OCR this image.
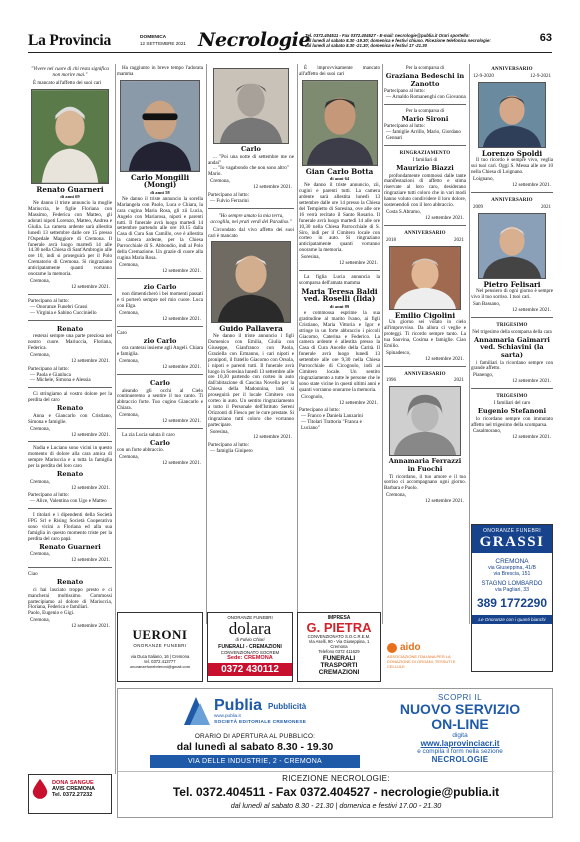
La Provincia	DOMENICA
12 SETTEMBRE 2021 Necrologie
Tel. 0372.404511 - Fax 0372.404527 - E-mail: necrologie@publia.it Orari sportello:
dal lunedì al sabato 8.30 -19.30; domenica e festivi chiuso. Ricezione telefonica necrologie:
dal lunedì al sabato 8.30 -21.30; domenica e festivi 17 -21.30
63
"Vivere nel cuore di chi resta significa non morire mai."

È mancato all'affetto dei suoi cari

Renato Guarneri
di anni 69

Ne danno il triste annuncio la moglie Mariuccia, le figlie Floriana con Massimo, Federica con Matteo, gli adorati nipoti Lorenzo, Matteo, Andrea e Giulia. La camera ardente sarà allestita lunedì 13 settembre dalle ore 15 presso l'Ospedale Maggiore di Cremona. Il funerale avrà luogo martedì 14 alle 14.30 nella Chiesa di Sant'Ambrogio alle ore 10, indi si proseguirà per il Polo Crematorio di Cremona. Si ringraziano anticipatamente quanti vorranno onorarne la memoria.

Cremona,
12 settembre 2021.
Partecipano al lutto:
— Onoranze Funebri Grassi
— Virginia e Sabino Cucciniello
Renato

resterai sempre una parte preziosa nel nostro cuore. Mariuccia, Floriana, Federica.

Cremona,
12 settembre 2021.
Partecipano al lutto:
— Paola e Gianluca
— Michele, Simona e Alessia

Ci stringiamo al vostro dolore per la perdita del caro

Renato

Anna e Giancarlo con Cristiano, Simona e famiglie.

Cremona,
12 settembre 2021.

Nadia e Luciano sono vicini in questo momento di dolore alla cara amica di sempre Mariuccia e a tutta la famiglia per la perdita del loro caro

Renato
Cremona,
12 settembre 2021.
Partecipano al lutto:
— Alice, Valentina con Ugo e Matteo

I titolari e i dipendenti della Società FPG Srl e Rising Società Cooperativa sono vicini a Floriana ed alla sua famiglia in questo momento triste per la perdita del caro papà

Renato Guarneri
Cremona,
12 settembre 2021.
Ciao
Renato

ci hai lasciato troppo presto e ci mancherai moltissimo. Commossi partecipiamo al dolore di Mariuccia, Floriana, Federica e familiari.

Paolo, Eugenio e Gigi.
Cremona,
12 settembre 2021.

Ha raggiunto in breve tempo l'adorata mamma

Carlo Mongilli (Mongi)
di anni 58

Ne danno il triste annuncio la sorella Mariangela con Paolo, Luca e Chiara, la cara cugina Maria Rosa, gli zii Lucia, Angelo con Mariarosa, nipoti e parenti tutti. Il funerale avrà luogo martedì 14 settembre partendo alle ore 10.15 dalla Casa di Cura San Camillo, ove è allestita la camera ardente, per la Chiesa Parrocchiale di S. Abbondio, indi al Polo della Cremazione. Un grazie di cuore alla cugina Maria Rosa.

Cremona,
12 settembre 2021.
zio Carlo

non dimenticherò i bei momenti passati e ti porterò sempre nel mio cuore. Luca con Elga.

Cremona,
12 settembre 2021.
Caro
zio Carlo

ora canterai insieme agli Angeli. Chiara e famiglia.

Cremona,
12 settembre 2021.
Carlo

aleando gli occhi al Cielo continueremo a sentire il tuo canto. Ti abbraccio forte. Tuo cugino Giancarlo e Chiara.

Cremona,
12 settembre 2021.

La zia Lucia saluta il caro

Carlo

con un forte abbraccio.

Cremona,
12 settembre 2021.
Carlo

... "Poi una notte di settembre me ne andai"

... "Io vagabondo che non sono altro"

Mario.
Cremona,
12 settembre 2021.
Partecipano al lutto:
— Fulvio Ferrarini
"Ho sempre amato la mia terra, accoglila, nei prati verdi del Paradiso."

Circondato dal vivo affetto dei suoi cari è mancato

Guido Pallavera

Ne danno il triste annuncio i figli Domenico con Emilia, Giulia con Giuseppe, Gianfranco con Paola, Graziella con Ermanno, i cari nipoti e pronipoti, il fratello Giacomo con Orsola, i nipoti e parenti tutti. Il funerale avrà luogo in Soresina lunedì 13 settembre alle ore 10,30 partendo con corteo in auto dall'abitazione di Cascina Novella per la Chiesa della Madonnina, indi si proseguirà per il locale Cimitero con corteo in auto. Un sentito ringraziamento a tutto il Personale dell'Istituto Sereni Orizzonti di Fiesco per le cure prestate. Si ringraziano tutti coloro che vorranno partecipare.

Soresina,
12 settembre 2021.
Partecipano al lutto:
— famiglia Ginipero

È improvvisamente mancato all'affetto dei suoi cari

Gian Carlo Botta
di anni 64

Ne danno il triste annuncio, zii, cugini e parenti tutti. La camera ardente sarà allestita lunedì 13 settembre dalle ore 14 presso la Chiesa del Tempietto di Soresina, ove alle ore 16 verrà recitato il Santo Rosario. Il funerale avrà luogo martedì 14 alle ore 10,30 nella Chiesa Parrocchiale di S. Siro, indi per il Cimitero locale con corteo in auto. Si ringraziano anticipatamente quanti vorranno onorarne la memoria.

Soresina,
12 settembre 2021.

La figlia Lucia annuncia la scomparsa dell'amata mamma

Maria Teresa Baldi ved. Roselli (Ilda)
di anni 89

e commossa esprime la sua gratitudine al marito Ivano, ai figli Cristiano, Maria Vittoria e Igor e stringe in un forte abbraccio i piccoli Giacomo, Caterina e Federico. La camera ardente è allestita presso la Casa di Cura Ancelle della Carità. Il funerale avrà luogo lunedì 13 settembre alle ore 9,30 nella Chiesa Parrocchiale di Cicognolo, indi al Cimitero locale. Un sentito ringraziamento a tutte le persone che le sono state vicine in questi ultimi anni e quanti vorranno onorarne la memoria.

Cicognolo,
12 settembre 2021.
Partecipano al lutto:
— Franco e Daniela Lanzarini
— Titolari Trattoria "Franca e Luciano"
Per la scomparsa di
Graziana Bedeschi in Zanotto
Partecipano al lutto:
— Arnaldo Romanenghi con Giovanna
Per la scomparsa di
Mario Sironi
Partecipano al lutto:
— famiglie Arrillo, Mario, Giordano Gennari
RINGRAZIAMENTO
I familiari di
Maurizio Biazzi

profondamente commossi dalle tante manifestazioni di affetto e stima riservate al loro caro, desiderano ringraziare tutti coloro che in vari modi hanno voluto condividere il loro dolore, sostenendoli con il loro abbraccio.

Costa S.Abramo,
12 settembre 2021.
ANNIVERSARIO
2018	2021
Emilio Cigolini

Un giorno sei volato in cielo all'improvviso. Da allora ci veglie e proteggi. Ti ricordo sempre tanto. La tua Sauvina, Cosima e famiglie. Ciao Emilio.

Spinadesco,
12 settembre 2021.
ANNIVERSARIO
1996	2021
Annamaria Ferrazzi in Fuochi

Ti ricordano, il tuo amore e il tuo sorriso ci accompagnano ogni giorno. Barbara e Paolo.

Cremona,
12 settembre 2021.
ANNIVERSARIO
12-9-2020	12-9-2021
Lorenzo Spoldi

Il tuo ricordo è sempre vivo, veglia sui tuoi cari. Oggi S. Messa alle ore 10 nella Chiesa di Loignano.

Loignano,
12 settembre 2021.
ANNIVERSARIO
2009	2021
Pietro Felisari

Nel pensiero di ogni giorno è sempre vivo il tuo sorriso. I tuoi cari.

San Bassano,
12 settembre 2021.
TRIGESIMO
Nel trigesimo della scomparsa della cara
Annamaria Gaimarri ved. Schiavini (la sarta)

i familiari la ricordano sempre con grande affetto.

Pianengo,
12 settembre 2021.
TRIGESIMO
I familiari del caro
Eugenio Stefanoni

lo ricordano sempre con immutato affetto nel trigesimo della scomparsa.

Casalmorano,
12 settembre 2021.
ONORANZE FUNEBRI
GRASSI
CREMONA
via Giuseppina, 41/B
via Brescia, 151
STAGNO LOMBARDO
via Pagliari, 33
389 1772290
Le Onoranze con i quanti bianchi
UERONI
ONORANZE FUNEBRI
via Duca Italiano, 16 | Cremona
tel. 0372.413777
onoranzefunebrieroni@gmail.com
ONORANZE FUNEBRI
dolara
di Fulvio Chiari
FUNERALI - CREMAZIONI
CONVENZIONATO SOCREM
Sede: CREMONA
0372 430112
IMPRESA
G. PIETRA
CONVENZIONATO S.O.C.R.E.M.
Via Aselli, 90 - Via Giuseppina, 1
Cremona
Telefono 0372 411629
FUNERALI
TRASPORTI
CREMAZIONI
aido
ASSOCIAZIONE ITALIANA PER LA DONAZIONE DI ORGANI, TESSUTI E CELLULE
Publia
www.publia.it
Pubblicità
SOCIETÀ EDITORIALE CREMONESE
ORARIO DI APERTURA AL PUBBLICO:
dal lunedì al sabato 8.30 - 19.30
VIA DELLE INDUSTRIE, 2 - CREMONA
SCOPRI IL
NUOVO SERVIZIO
ON-LINE
digita
www.laprovinciacr.it
e compila il form nella sezione
NECROLOGIE
RICEZIONE NECROLOGIE:
Tel. 0372.404511 - Fax 0372.404527 - necrologie@publia.it
dal lunedì al sabato 8.30 - 21.30 | domenica e festivi 17.00 - 21.30
DONA SANGUE
AVIS CREMONA
Tel. 0372.27232
